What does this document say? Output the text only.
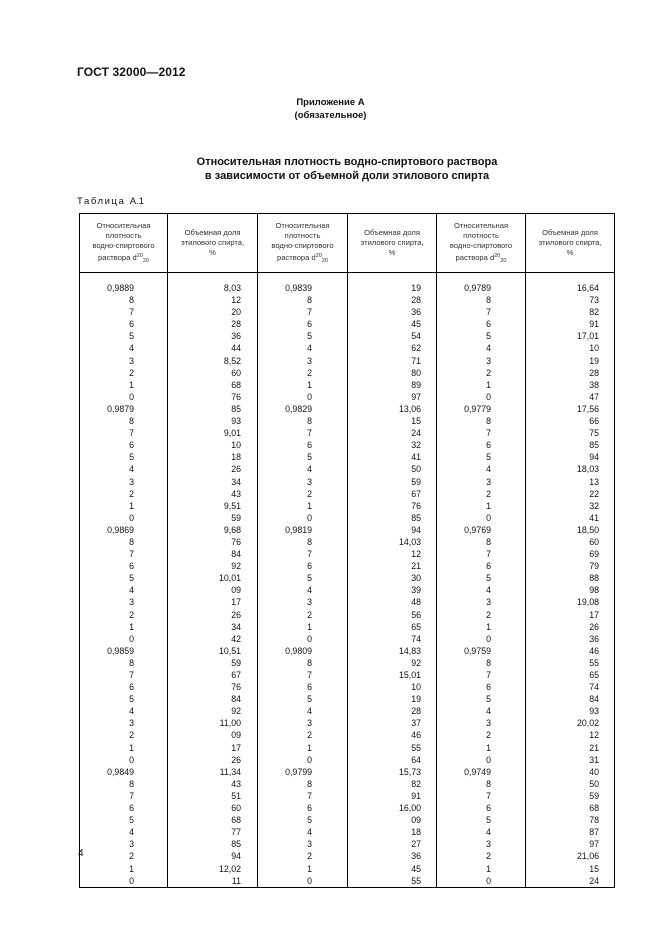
ГОСТ 32000—2012
Приложение А
(обязательное)
Относительная плотность водно-спиртового раствора
в зависимости от объемной доли этилового спирта
Таблица А.1
Относительная
плотность
водно-спиртового
раствора $d^{20}_{20}$	Объемная доля
этилового спирта,
%	Относительная
плотность
водно-спиртового
раствора $d^{20}_{20}$	Объемная доля
этилового спирта,
%	Относительная
плотность
водно-спиртового
раствора $d^{20}_{20}$	Объемная доля
этилового спирта,
%

0,9889	8,03	0,9839	19	0,9789	16,64
8	12	8	28	8	73
7	20	7	36	7	82
6	28	6	45	6	91
5	36	5	54	5	17,01
4	44	4	62	4	10
3	8,52	3	71	3	19
2	60	2	80	2	28
1	68	1	89	1	38
0	76	0	97	0	47
0,9879	85	0,9829	13,06	0,9779	17,56
8	93	8	15	8	66
7	9,01	7	24	7	75
6	10	6	32	6	85
5	18	5	41	5	94
4	26	4	50	4	18,03
3	34	3	59	3	13
2	43	2	67	2	22
1	9,51	1	76	1	32
0	59	0	85	0	41
0,9869	9,68	0,9819	94	0,9769	18,50
8	76	8	14,03	8	60
7	84	7	12	7	69
6	92	6	21	6	79
5	10,01	5	30	5	88
4	09	4	39	4	98
3	17	3	48	3	19,08
2	26	2	56	2	17
1	34	1	65	1	26
0	42	0	74	0	36
0,9859	10,51	0,9809	14,83	0,9759	46
8	59	8	92	8	55
7	67	7	15,01	7	65
6	76	6	10	6	74
5	84	5	19	5	84
4	92	4	28	4	93
3	11,00	3	37	3	20,02
2	09	2	46	2	12
1	17	1	55	1	21
0	26	0	64	0	31
0,9849	11,34	0,9799	15,73	0,9749	40
8	43	8	82	8	50
7	51	7	91	7	59
6	60	6	16,00	6	68
5	68	5	09	5	78
4	77	4	18	4	87
3	85	3	27	3	97
2	94	2	36	2	21,06
1	12,02	1	45	1	15
0	11	0	55	0	24
4
